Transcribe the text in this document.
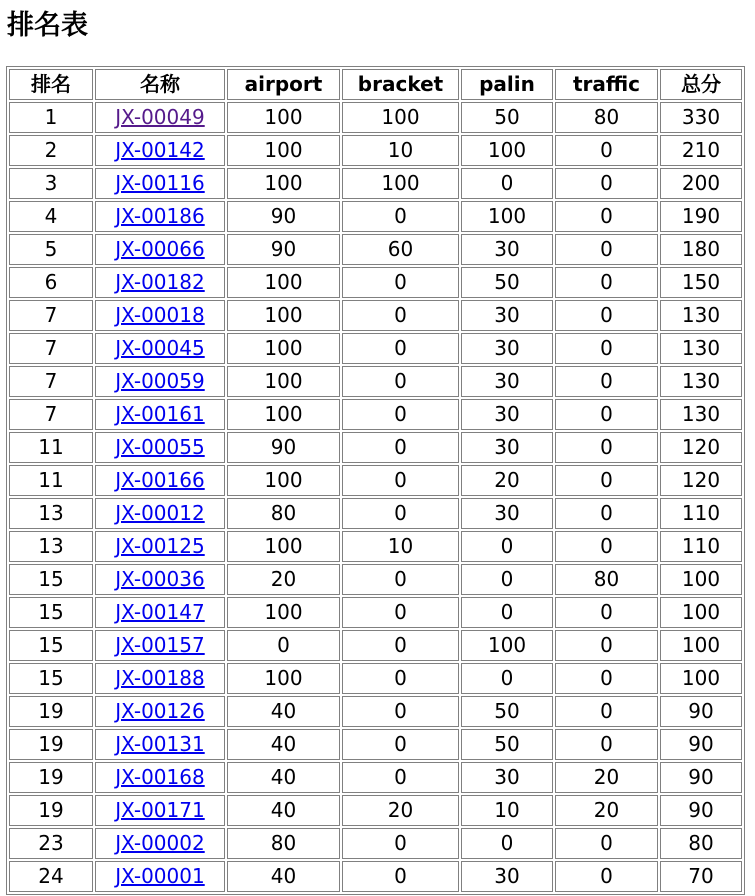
排名表
排名	名称	airport	bracket	palin	traffic	总分
1	JX-00049	100	100	50	80	330
2	JX-00142	100	10	100	0	210
3	JX-00116	100	100	0	0	200
4	JX-00186	90	0	100	0	190
5	JX-00066	90	60	30	0	180
6	JX-00182	100	0	50	0	150
7	JX-00018	100	0	30	0	130
7	JX-00045	100	0	30	0	130
7	JX-00059	100	0	30	0	130
7	JX-00161	100	0	30	0	130
11	JX-00055	90	0	30	0	120
11	JX-00166	100	0	20	0	120
13	JX-00012	80	0	30	0	110
13	JX-00125	100	10	0	0	110
15	JX-00036	20	0	0	80	100
15	JX-00147	100	0	0	0	100
15	JX-00157	0	0	100	0	100
15	JX-00188	100	0	0	0	100
19	JX-00126	40	0	50	0	90
19	JX-00131	40	0	50	0	90
19	JX-00168	40	0	30	20	90
19	JX-00171	40	20	10	20	90
23	JX-00002	80	0	0	0	80
24	JX-00001	40	0	30	0	70
